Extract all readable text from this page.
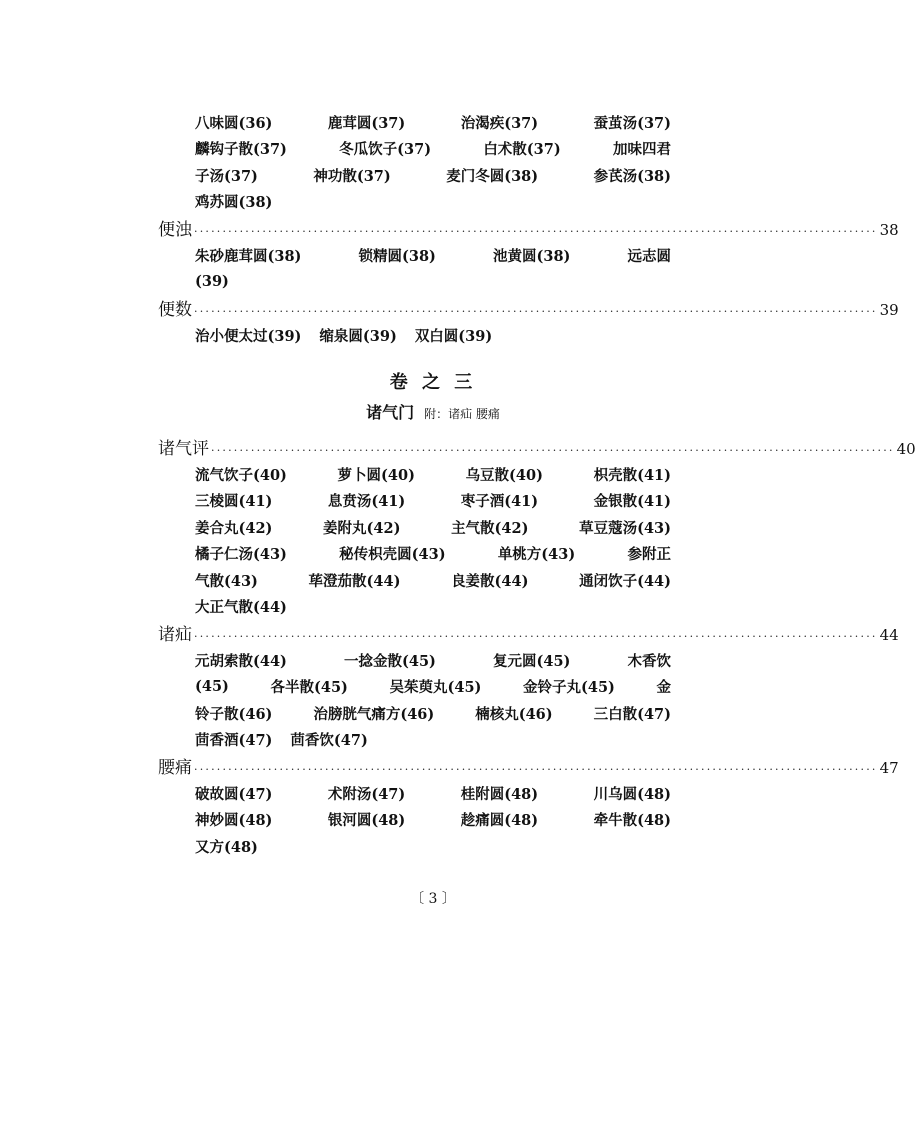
八味圆(36)	鹿茸圆(37)	治渴疾(37)	蚕茧汤(37)
麟钩子散(37)	冬瓜饮子(37)	白术散(37)	加味四君
子汤(37)	神功散(37)	麦门冬圆(38)	参芪汤(38)
鸡苏圆(38)
便浊 ························································································································ 38
朱砂鹿茸圆(38)	锁精圆(38)	池黄圆(38)	远志圆
(39)
便数 ························································································································ 39
治小便太过(39) 缩泉圆(39) 双白圆(39)
卷 之 三
诸气门 附：诸疝 腰痛
诸气评 ························································································································ 40
流气饮子(40)	萝卜圆(40)	乌豆散(40)	枳壳散(41)
三棱圆(41)	息贲汤(41)	枣子酒(41)	金银散(41)
姜合丸(42)	姜附丸(42)	主气散(42)	草豆蔻汤(43)
橘子仁汤(43)	秘传枳壳圆(43)	单桃方(43)	参附正
气散(43)	荜澄茄散(44)	良姜散(44)	通闭饮子(44)
大正气散(44)
诸疝 ························································································································ 44
元胡索散(44)	一捻金散(45)	复元圆(45)	木香饮
(45)	各半散(45)	吴茱萸丸(45)	金铃子丸(45)	金
铃子散(46)	治膀胱气痛方(46)	楠核丸(46)	三白散(47)
茴香酒(47) 茴香饮(47)
腰痛 ························································································································ 47
破故圆(47)	术附汤(47)	桂附圆(48)	川乌圆(48)
神妙圆(48)	银河圆(48)	趁痛圆(48)	牵牛散(48)
又方(48)
〔 3 〕
